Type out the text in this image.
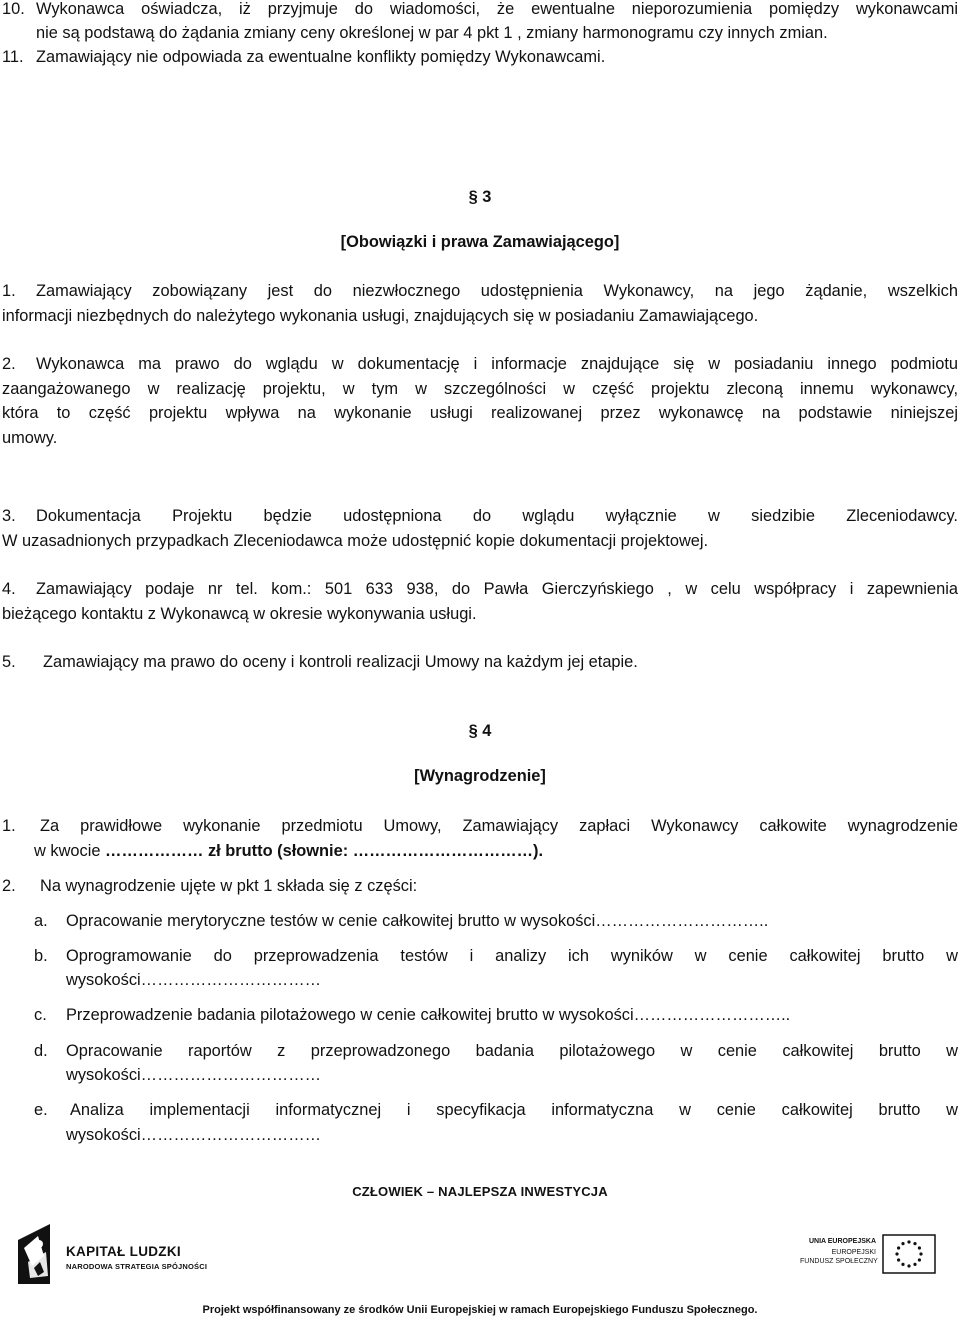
10. Wykonawca oświadcza, iż przyjmuje do wiadomości, że ewentualne nieporozumienia pomiędzy wykonawcami
nie są podstawą do żądania zmiany ceny określonej w par 4 pkt 1 , zmiany harmonogramu czy innych zmian.
11. Zamawiający nie odpowiada za ewentualne konflikty pomiędzy Wykonawcami.
§ 3
[Obowiązki i prawa Zamawiającego]
1. Zamawiający zobowiązany jest do niezwłocznego udostępnienia Wykonawcy, na jego żądanie, wszelkich
informacji niezbędnych do należytego wykonania usługi, znajdujących się w posiadaniu Zamawiającego.
2. Wykonawca ma prawo do wglądu w dokumentację i informacje znajdujące się w posiadaniu innego podmiotu
zaangażowanego w realizację projektu, w tym w szczególności w część projektu zleconą innemu wykonawcy,
która to część projektu wpływa na wykonanie usługi realizowanej przez wykonawcę na podstawie niniejszej
umowy.
3. Dokumentacja Projektu będzie udostępniona do wglądu wyłącznie w siedzibie Zleceniodawcy.
W uzasadnionych przypadkach Zleceniodawca może udostępnić kopie dokumentacji projektowej.
4. Zamawiający podaje nr tel. kom.: 501 633 938, do Pawła Gierczyńskiego , w celu współpracy i zapewnienia
bieżącego kontaktu z Wykonawcą w okresie wykonywania usługi.
5. Zamawiający ma prawo do oceny i kontroli realizacji Umowy na każdym jej etapie.
§ 4
[Wynagrodzenie]
1. Za prawidłowe wykonanie przedmiotu Umowy, Zamawiający zapłaci Wykonawcy całkowite wynagrodzenie
w kwocie ……………… zł brutto (słownie: ……………………………).
2. Na wynagrodzenie ujęte w pkt 1 składa się z części:
a. Opracowanie merytoryczne testów w cenie całkowitej brutto w wysokości…………………………..
b. Oprogramowanie do przeprowadzenia testów i analizy ich wyników w cenie całkowitej brutto w
wysokości……………………………
c. Przeprowadzenie badania pilotażowego w cenie całkowitej brutto w wysokości………………………..
d. Opracowanie raportów z przeprowadzonego badania pilotażowego w cenie całkowitej brutto w
wysokości……………………………
e. Analiza implementacji informatycznej i specyfikacja informatyczna w cenie całkowitej brutto w
wysokości……………………………
CZŁOWIEK – NAJLEPSZA INWESTYCJA
KAPITAŁ LUDZKI
NARODOWA STRATEGIA SPÓJNOŚCI
UNIA EUROPEJSKA
EUROPEJSKI
FUNDUSZ SPOŁECZNY
Projekt współfinansowany ze środków Unii Europejskiej w ramach Europejskiego Funduszu Społecznego.
